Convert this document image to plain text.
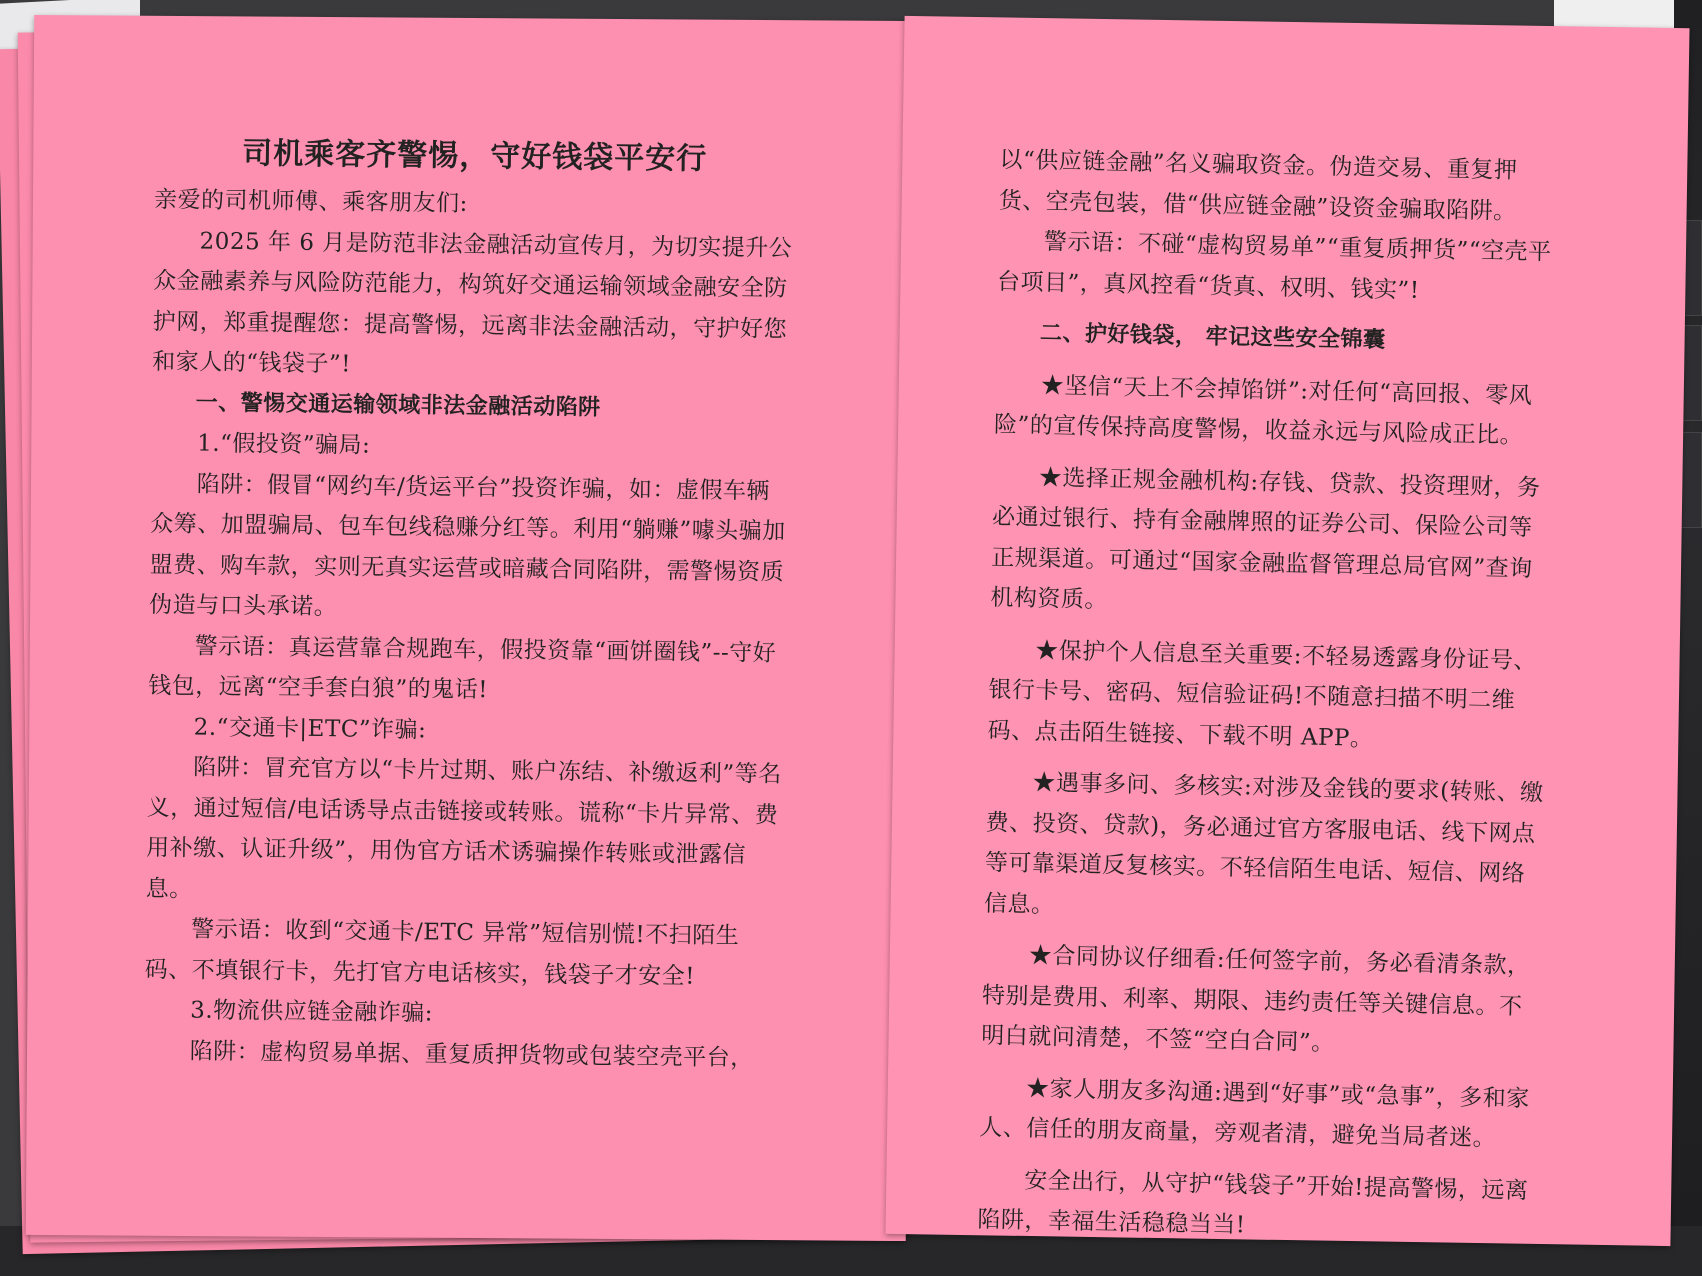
司机乘客齐警惕，守好钱袋平安行

亲爱的司机师傅、乘客朋友们:

2025 年 6 月是防范非法金融活动宣传月，为切实提升公众金融素养与风险防范能力，构筑好交通运输领域金融安全防护网，郑重提醒您：提高警惕，远离非法金融活动，守护好您和家人的“钱袋子”!

一、警惕交通运输领域非法金融活动陷阱

1.“假投资”骗局:

陷阱：假冒“网约车/货运平台”投资诈骗，如：虚假车辆众筹、加盟骗局、包车包线稳赚分红等。利用“躺赚”噱头骗加盟费、购车款，实则无真实运营或暗藏合同陷阱，需警惕资质伪造与口头承诺。

警示语：真运营靠合规跑车，假投资靠“画饼圈钱”--守好钱包，远离“空手套白狼”的鬼话!

2.“交通卡|ETC”诈骗:

陷阱：冒充官方以“卡片过期、账户冻结、补缴返利”等名义，通过短信/电话诱导点击链接或转账。谎称“卡片异常、费用补缴、认证升级”，用伪官方话术诱骗操作转账或泄露信息。

警示语：收到“交通卡/ETC 异常”短信别慌!不扫陌生码、不填银行卡，先打官方电话核实，钱袋子才安全!

3.物流供应链金融诈骗:

陷阱：虚构贸易单据、重复质押货物或包装空壳平台，

以“供应链金融”名义骗取资金。伪造交易、重复押货、空壳包装，借“供应链金融”设资金骗取陷阱。

警示语：不碰“虚构贸易单”“重复质押货”“空壳平台项目”，真风控看“货真、权明、钱实”!

二、护好钱袋， 牢记这些安全锦囊

★坚信“天上不会掉馅饼”:对任何“高回报、零风险”的宣传保持高度警惕，收益永远与风险成正比。

★选择正规金融机构:存钱、贷款、投资理财，务必通过银行、持有金融牌照的证券公司、保险公司等正规渠道。可通过“国家金融监督管理总局官网”查询机构资质。

★保护个人信息至关重要:不轻易透露身份证号、银行卡号、密码、短信验证码!不随意扫描不明二维码、点击陌生链接、下载不明 APP。

★遇事多问、多核实:对涉及金钱的要求(转账、缴费、投资、贷款)，务必通过官方客服电话、线下网点等可靠渠道反复核实。不轻信陌生电话、短信、网络信息。

★合同协议仔细看:任何签字前，务必看清条款，特别是费用、利率、期限、违约责任等关键信息。不明白就问清楚，不签“空白合同”。

★家人朋友多沟通:遇到“好事”或“急事”，多和家人、信任的朋友商量，旁观者清，避免当局者迷。

安全出行，从守护“钱袋子”开始!提高警惕，远离陷阱，幸福生活稳稳当当!
